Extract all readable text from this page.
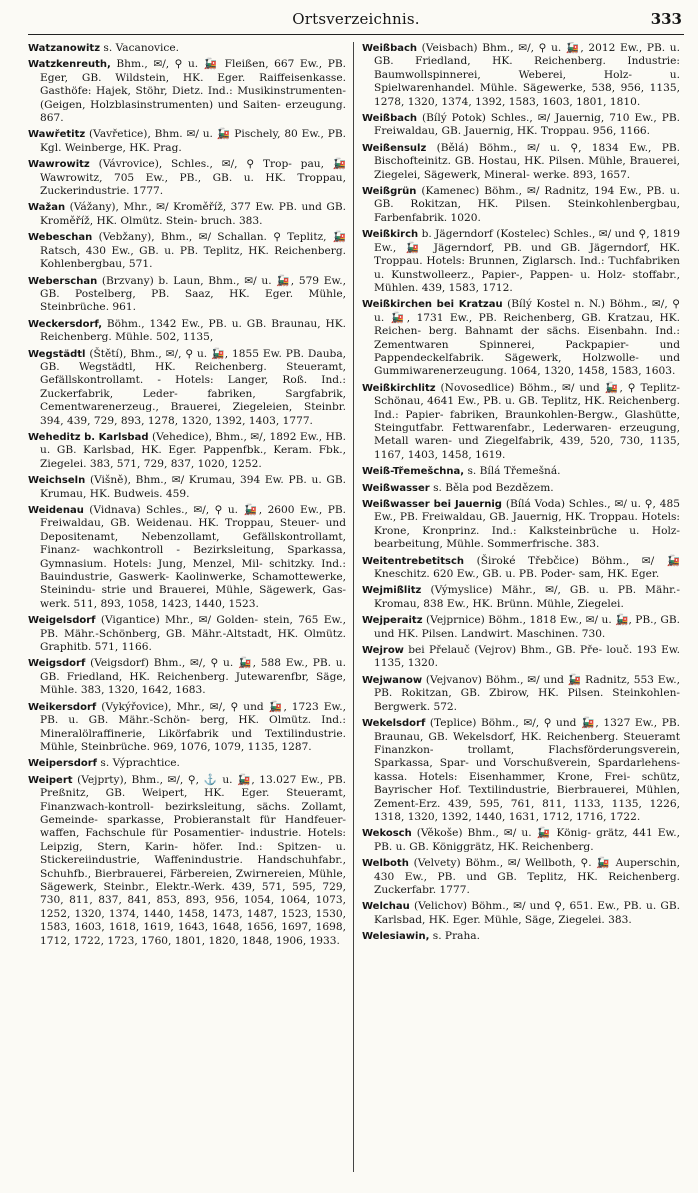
Ortsverzeichnis.	333

Watzanowitz s. Vacanovice.

Watzkenreuth, Bhm., ✉/, ⚲ u. 🚂 Fleißen, 667 Ew., PB. Eger, GB. Wildstein, HK. Eger. Raiffeisenkasse. Gasthöfe: Hajek, Stöhr, Dietz. Ind.: Musikinstrumenten- (Geigen, Holzblasinstrumenten) und Saiten- erzeugung. 867.

Wawřetitz (Vavřetice), Bhm. ✉/ u. 🚂 Pischely, 80 Ew., PB. Kgl. Weinberge, HK. Prag.

Wawrowitz (Vávrovice), Schles., ✉/, ⚲ Trop- pau, 🚂 Wawrowitz, 705 Ew., PB., GB. u. HK. Troppau, Zuckerindustrie. 1777.

Wažan (Vážany), Mhr., ✉/ Kroměříž, 377 Ew. PB. und GB. Kroměříž, HK. Olmütz. Stein- bruch. 383.

Webeschan (Vebžany), Bhm., ✉/ Schallan. ⚲ Teplitz, 🚂 Ratsch, 430 Ew., GB. u. PB. Teplitz, HK. Reichenberg. Kohlenbergbau, 571.

Weberschan (Brzvany) b. Laun, Bhm., ✉/ u. 🚂, 579 Ew., GB. Postelberg, PB. Saaz, HK. Eger. Mühle, Steinbrüche. 961.

Weckersdorf, Böhm., 1342 Ew., PB. u. GB. Braunau, HK. Reichenberg. Mühle. 502, 1135,

Wegstädtl (Štětí), Bhm., ✉/, ⚲ u. 🚂, 1855 Ew. PB. Dauba, GB. Wegstädtl, HK. Reichenberg. Steueramt, Gefällskontrollamt. - Hotels: Langer, Roß. Ind.: Zuckerfabrik, Leder- fabriken, Sargfabrik, Cementwarenerzeug., Brauerei, Ziegeleien, Steinbr. 394, 439, 729, 893, 1278, 1320, 1392, 1403, 1777.

Weheditz b. Karlsbad (Vehedice), Bhm., ✉/, 1892 Ew., HB. u. GB. Karlsbad, HK. Eger. Pappenfbk., Keram. Fbk., Ziegelei. 383, 571, 729, 837, 1020, 1252.

Weichseln (Višně), Bhm., ✉/ Krumau, 394 Ew. PB. u. GB. Krumau, HK. Budweis. 459.

Weidenau (Vidnava) Schles., ✉/, ⚲ u. 🚂, 2600 Ew., PB. Freiwaldau, GB. Weidenau. HK. Troppau, Steuer- und Depositenamt, Nebenzollamt, Gefällskontrollamt, Finanz- wachkontroll - Bezirksleitung, Sparkassa, Gymnasium. Hotels: Jung, Menzel, Mil- schitzky. Ind.: Bauindustrie, Gaswerk- Kaolinwerke, Schamottewerke, Steinindu- strie und Brauerei, Mühle, Sägewerk, Gas- werk. 511, 893, 1058, 1423, 1440, 1523.

Weigelsdorf (Vigantice) Mhr., ✉/ Golden- stein, 765 Ew., PB. Mähr.-Schönberg, GB. Mähr.-Altstadt, HK. Olmütz. Graphitb. 571, 1166.

Weigsdorf (Veigsdorf) Bhm., ✉/, ⚲ u. 🚂, 588 Ew., PB. u. GB. Friedland, HK. Reichenberg. Jutewarenfbr, Säge, Mühle. 383, 1320, 1642, 1683.

Weikersdorf (Vykýřovice), Mhr., ✉/, ⚲ und 🚂, 1723 Ew., PB. u. GB. Mähr.-Schön- berg, HK. Olmütz. Ind.: Mineralölraffinerie, Likörfabrik und Textilindustrie. Mühle, Steinbrüche. 969, 1076, 1079, 1135, 1287.

Weipersdorf s. Výprachtice.

Weipert (Vejprty), Bhm., ✉/, ⚲, ⚓ u. 🚂, 13.027 Ew., PB. Preßnitz, GB. Weipert, HK. Eger. Steueramt, Finanzwach-kontroll- bezirksleitung, sächs. Zollamt, Gemeinde- sparkasse, Probieranstalt für Handfeuer- waffen, Fachschule für Posamentier- industrie. Hotels: Leipzig, Stern, Karin- höfer. Ind.: Spitzen- u. Stickereiindustrie, Waffenindustrie. Handschuhfabr., Schuhfb., Bierbrauerei, Färbereien, Zwirnereien, Mühle, Sägewerk, Steinbr., Elektr.-Werk. 439, 571, 595, 729, 730, 811, 837, 841, 853, 893, 956, 1054, 1064, 1073, 1252, 1320, 1374, 1440, 1458, 1473, 1487, 1523, 1530, 1583, 1603, 1618, 1619, 1643, 1648, 1656, 1697, 1698, 1712, 1722, 1723, 1760, 1801, 1820, 1848, 1906, 1933.

Weißbach (Veisbach) Bhm., ✉/, ⚲ u. 🚂, 2012 Ew., PB. u. GB. Friedland, HK. Reichenberg. Industrie: Baumwollspinnerei, Weberei, Holz- u. Spielwarenhandel. Mühle. Sägewerke, 538, 956, 1135, 1278, 1320, 1374, 1392, 1583, 1603, 1801, 1810.

Weißbach (Bílý Potok) Schles., ✉/ Jauernig, 710 Ew., PB. Freiwaldau, GB. Jauernig, HK. Troppau. 956, 1166.

Weißensulz (Bělá) Böhm., ✉/ u. ⚲, 1834 Ew., PB. Bischofteinitz. GB. Hostau, HK. Pilsen. Mühle, Brauerei, Ziegelei, Sägewerk, Mineral- werke. 893, 1657.

Weißgrün (Kamenec) Böhm., ✉/ Radnitz, 194 Ew., PB. u. GB. Rokitzan, HK. Pilsen. Steinkohlenbergbau, Farbenfabrik. 1020.

Weißkirch b. Jägerndorf (Kostelec) Schles., ✉/ und ⚲, 1819 Ew., 🚂 Jägerndorf, PB. und GB. Jägerndorf, HK. Troppau. Hotels: Brunnen, Ziglarsch. Ind.: Tuchfabriken u. Kunstwollеerz., Papier-, Pappen- u. Holz- stoffabr., Mühlen. 439, 1583, 1712.

Weißkirchen bei Kratzau (Bílý Kostel n. N.) Böhm., ✉/, ⚲ u. 🚂, 1731 Ew., PB. Reichenberg, GB. Kratzau, HK. Reichen- berg. Bahnamt der sächs. Eisenbahn. Ind.: Zementwaren Spinnerei, Packpapier- und Pappendeckelfabrik. Sägewerk, Holzwolle- und Gummiwarenerzeugung. 1064, 1320, 1458, 1583, 1603.

Weißkirchlitz (Novosedlice) Böhm., ✉/ und 🚂, ⚲ Teplitz-Schönau, 4641 Ew., PB. u. GB. Teplitz, HK. Reichenberg. Ind.: Papier- fabriken, Braunkohlen-Bergw., Glashütte, Steingutfabr. Fettwarenfabr., Lederwaren- erzeugung, Metall waren- und Ziegelfabrik, 439, 520, 730, 1135, 1167, 1403, 1458, 1619.

Weiß-Třemešchna, s. Bílá Třemešná.

Weißwasser s. Běla pod Bezdězem.

Weißwasser bei Jauernig (Bílá Voda) Schles., ✉/ u. ⚲, 485 Ew., PB. Freiwaldau, GB. Jauernig, HK. Troppau. Hotels: Krone, Kronprinz. Ind.: Kalksteinbrüche u. Holz- bearbeitung, Mühle. Sommerfrische. 383.

Weitentrebetitsch (Široké Třebčice) Böhm., ✉/ 🚂 Kneschitz. 620 Ew., GB. u. PB. Poder- sam, HK. Eger.

Wejmißlitz (Výmyslice) Mähr., ✉/, GB. u. PB. Mähr.-Kromau, 838 Ew., HK. Brünn. Mühle, Ziegelei.

Wejperaitz (Vejprnice) Böhm., 1818 Ew., ✉/ u. 🚂, PB., GB. und HK. Pilsen. Landwirt. Maschinen. 730.

Wejrow bei Přelauč (Vejrov) Bhm., GB. Pře- louč. 193 Ew. 1135, 1320.

Wejwanow (Vejvanov) Böhm., ✉/ und 🚂 Radnitz, 553 Ew., PB. Rokitzan, GB. Zbirow, HK. Pilsen. Steinkohlen-Bergwerk. 572.

Wekelsdorf (Teplice) Böhm., ✉/, ⚲ und 🚂, 1327 Ew., PB. Braunau, GB. Wekelsdorf, HK. Reichenberg. Steueramt Finanzkon- trollamt, Flachsförderungsverein, Sparkassa, Spar- und Vorschußverein, Spardarlehens- kassa. Hotels: Eisenhammer, Krone, Frei- schütz, Bayrischer Hof. Textilindustrie, Bierbrauerei, Mühlen, Zement-Erz. 439, 595, 761, 811, 1133, 1135, 1226, 1318, 1320, 1392, 1440, 1631, 1712, 1716, 1722.

Wekosch (Věkoše) Bhm., ✉/ u. 🚂 König- grätz, 441 Ew., PB. u. GB. Königgrätz, HK. Reichenberg.

Welboth (Velvety) Böhm., ✉/ Wellboth, ⚲. 🚂 Auperschin, 430 Ew., PB. und GB. Teplitz, HK. Reichenberg. Zuckerfabr. 1777.

Welchau (Velichov) Böhm., ✉/ und ⚲, 651. Ew., PB. u. GB. Karlsbad, HK. Eger. Mühle, Säge, Ziegelei. 383.

Welesiawin, s. Praha.
